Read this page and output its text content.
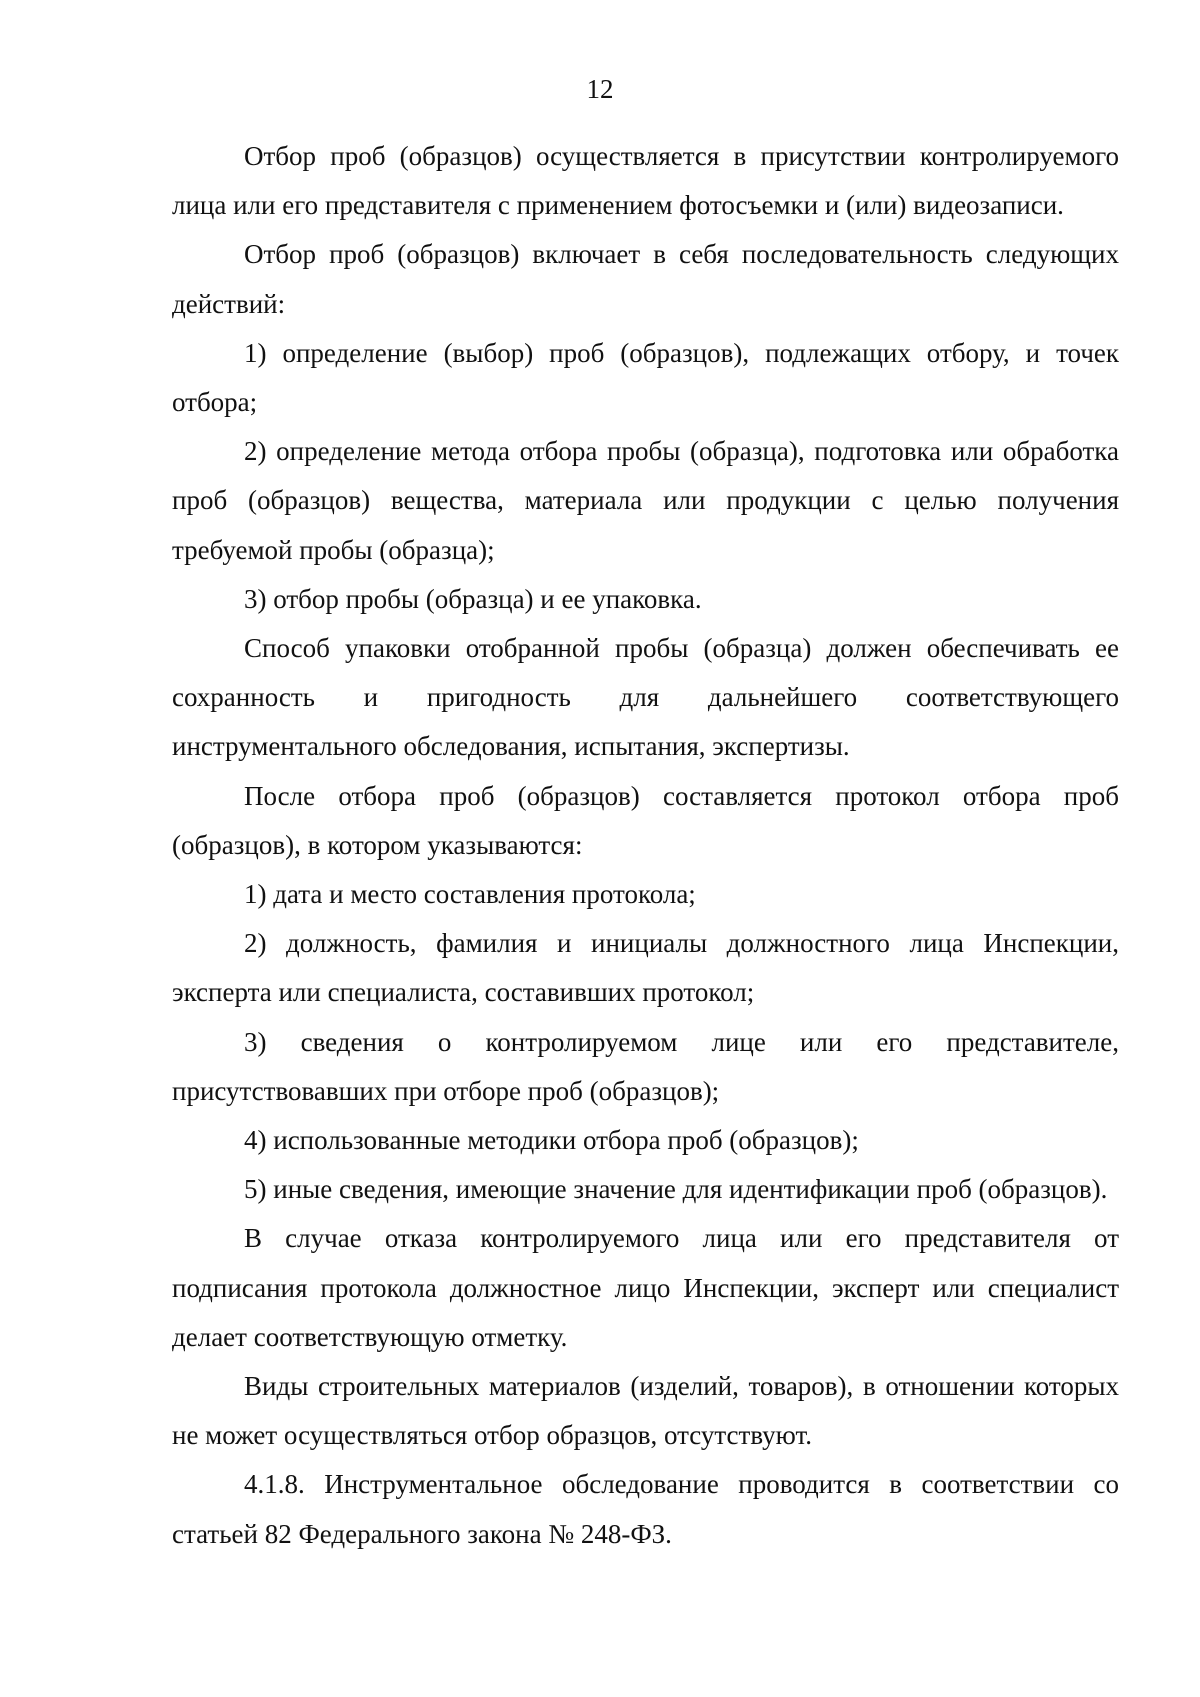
12

Отбор проб (образцов) осуществляется в присутствии контролируемого лица или его представителя с применением фотосъемки и (или) видеозаписи.

Отбор проб (образцов) включает в себя последовательность следующих действий:

1) определение (выбор) проб (образцов), подлежащих отбору, и точек отбора;

2) определение метода отбора пробы (образца), подготовка или обработка проб (образцов) вещества, материала или продукции с целью получения требуемой пробы (образца);

3) отбор пробы (образца) и ее упаковка.

Способ упаковки отобранной пробы (образца) должен обеспечивать ее сохранность и пригодность для дальнейшего соответствующего инструментального обследования, испытания, экспертизы.

После отбора проб (образцов) составляется протокол отбора проб (образцов), в котором указываются:

1) дата и место составления протокола;

2) должность, фамилия и инициалы должностного лица Инспекции, эксперта или специалиста, составивших протокол;

3) сведения о контролируемом лице или его представителе, присутствовавших при отборе проб (образцов);

4) использованные методики отбора проб (образцов);

5) иные сведения, имеющие значение для идентификации проб (образцов).

В случае отказа контролируемого лица или его представителя от подписания протокола должностное лицо Инспекции, эксперт или специалист делает соответствующую отметку.

Виды строительных материалов (изделий, товаров), в отношении которых не может осуществляться отбор образцов, отсутствуют.

4.1.8. Инструментальное обследование проводится в соответствии со статьей 82 Федерального закона № 248-ФЗ.
